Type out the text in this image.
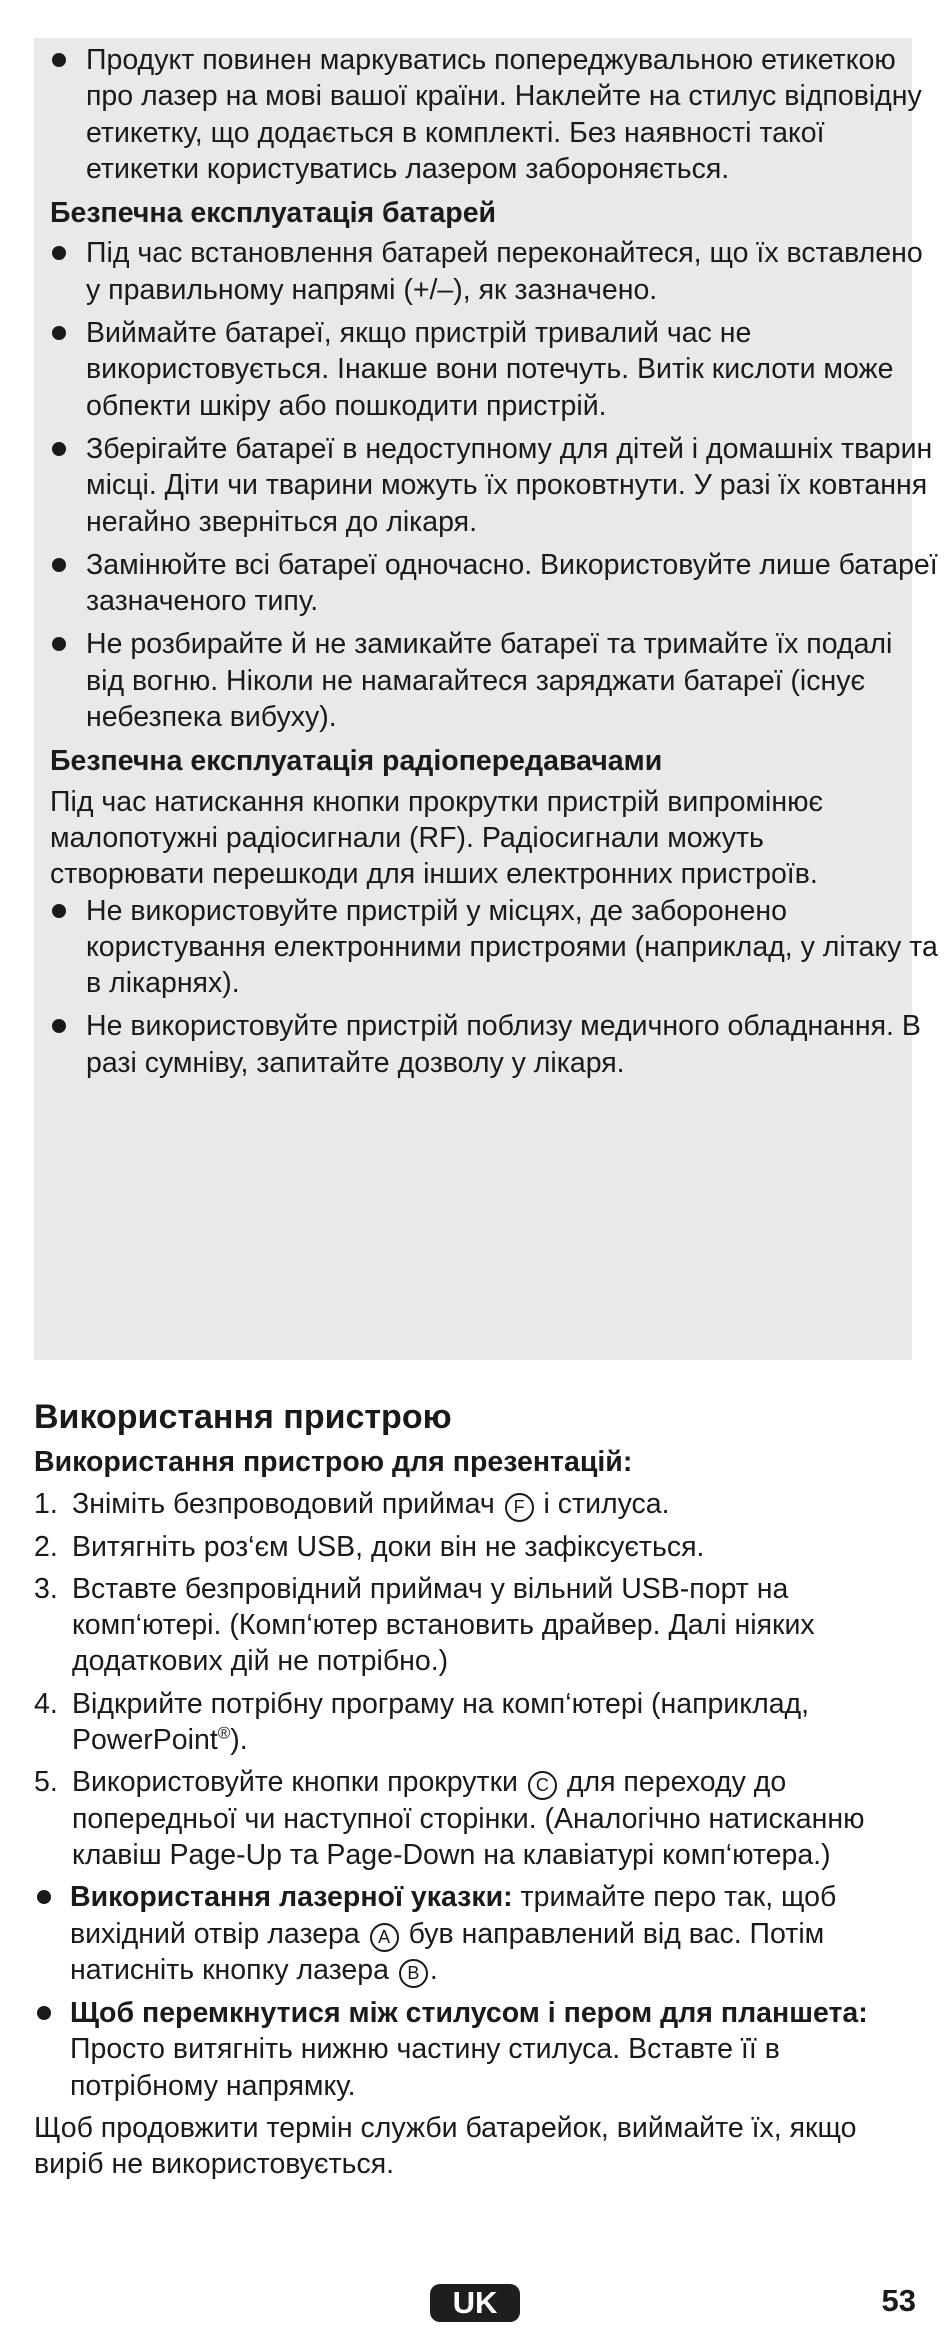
Продукт повинен маркуватись попереджувальною етикеткою про лазер на мові вашої країни. Наклейте на стилус відповідну етикетку, що додається в комплекті. Без наявності такої етикетки користуватись лазером забороняється.
Безпечна експлуатація батарей
Під час встановлення батарей переконайтеся, що їх вставлено у правильному напрямі (+/–), як зазначено.
Виймайте батареї, якщо пристрій тривалий час не використовується. Інакше вони потечуть. Витік кислоти може обпекти шкіру або пошкодити пристрій.
Зберігайте батареї в недоступному для дітей і домашніх тварин місці. Діти чи тварини можуть їх проковтнути. У разі їх ковтання негайно зверніться до лікаря.
Замінюйте всі батареї одночасно. Використовуйте лише батареї зазначеного типу.
Не розбирайте й не замикайте батареї та тримайте їх подалі від вогню. Ніколи не намагайтеся заряджати батареї (існує небезпека вибуху).
Безпечна експлуатація радіопередавачами
Під час натискання кнопки прокрутки пристрій випромінює малопотужні радіосигнали (RF). Радіосигнали можуть створювати перешкоди для інших електронних пристроїв.
Не використовуйте пристрій у місцях, де заборонено користування електронними пристроями (наприклад, у літаку та в лікарнях).
Не використовуйте пристрій поблизу медичного обладнання. В разі сумніву, запитайте дозволу у лікаря.
Використання пристрою
Використання пристрою для презентацій:
1. Зніміть безпроводовий приймач F і стилуса.
2. Витягніть роз‘єм USB, доки він не зафіксується.
3. Вставте безпровідний приймач у вільний USB-порт на комп‘ютері. (Комп‘ютер встановить драйвер. Далі ніяких додаткових дій не потрібно.)
4. Відкрийте потрібну програму на комп‘ютері (наприклад, PowerPoint®).
5. Використовуйте кнопки прокрутки C для переходу до попередньої чи наступної сторінки. (Аналогічно натисканню клавіш Page-Up та Page-Down на клавіатурі комп‘ютера.)
Використання лазерної указки: тримайте перо так, щоб вихідний отвір лазера A був направлений від вас. Потім натисніть кнопку лазера B .
Щоб перемкнутися між стилусом і пером для планшета: Просто витягніть нижню частину стилуса. Вставте її в потрібному напрямку.
Щоб продовжити термін служби батарейок, виймайте їх, якщо виріб не використовується.
UK	53
